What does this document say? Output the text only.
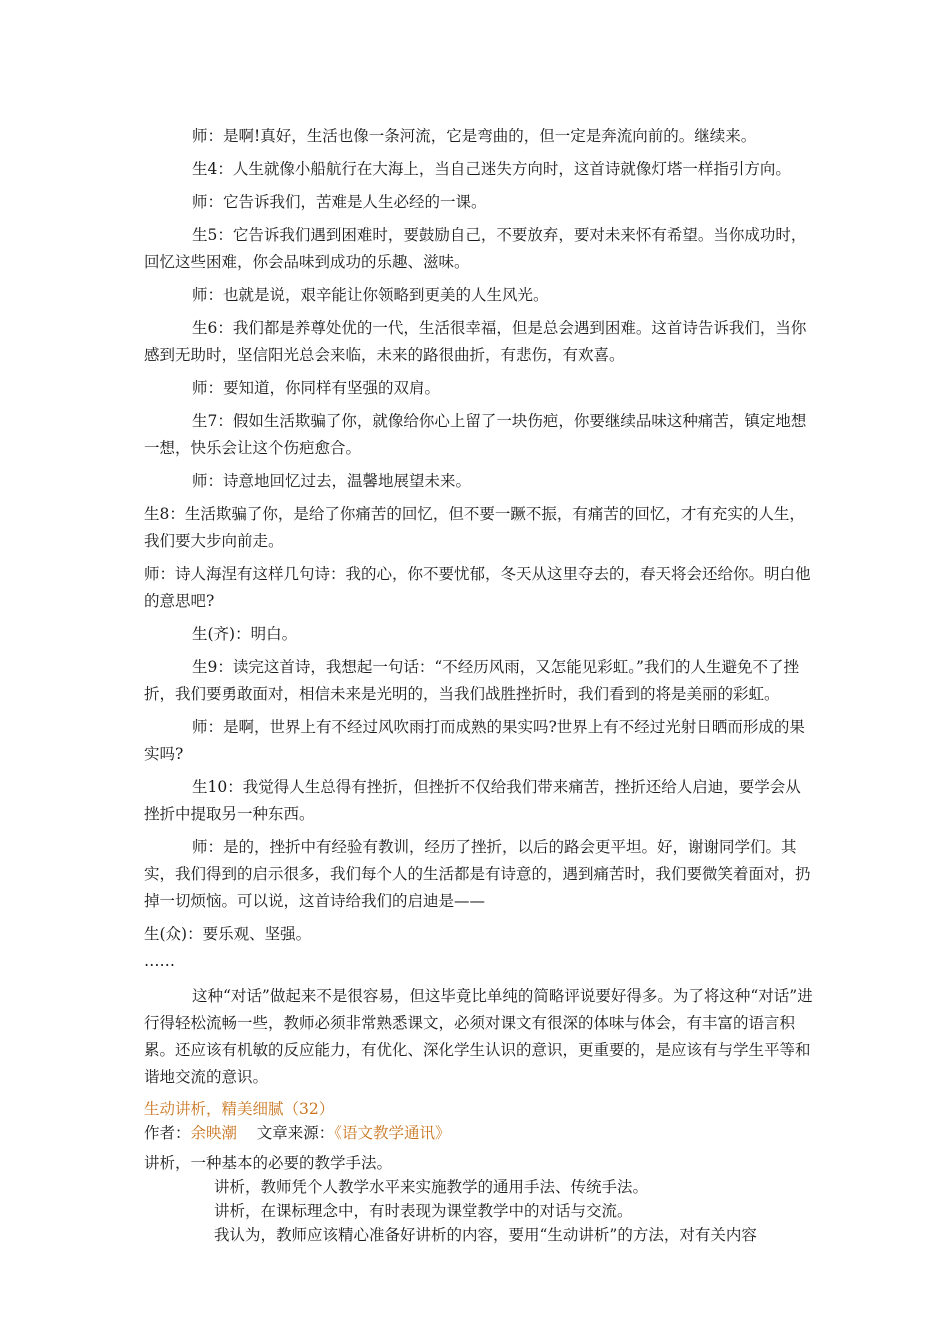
师：是啊!真好，生活也像一条河流，它是弯曲的，但一定是奔流向前的。继续来。

生4：人生就像小船航行在大海上，当自己迷失方向时，这首诗就像灯塔一样指引方向。

师：它告诉我们，苦难是人生必经的一课。

生5：它告诉我们遇到困难时，要鼓励自己，不要放弃，要对未来怀有希望。当你成功时，回忆这些困难，你会品味到成功的乐趣、滋味。

师：也就是说，艰辛能让你领略到更美的人生风光。

生6：我们都是养尊处优的一代，生活很幸福，但是总会遇到困难。这首诗告诉我们，当你感到无助时，坚信阳光总会来临，未来的路很曲折，有悲伤，有欢喜。

师：要知道，你同样有坚强的双肩。

生7：假如生活欺骗了你，就像给你心上留了一块伤疤，你要继续品味这种痛苦，镇定地想一想，快乐会让这个伤疤愈合。

师：诗意地回忆过去，温馨地展望未来。

生8：生活欺骗了你，是给了你痛苦的回忆，但不要一蹶不振，有痛苦的回忆，才有充实的人生，我们要大步向前走。

师：诗人海涅有这样几句诗：我的心，你不要忧郁，冬天从这里夺去的，春天将会还给你。明白他的意思吧?

生(齐)：明白。

生9：读完这首诗，我想起一句话：“不经历风雨，又怎能见彩虹。”我们的人生避免不了挫折，我们要勇敢面对，相信未来是光明的，当我们战胜挫折时，我们看到的将是美丽的彩虹。

师：是啊，世界上有不经过风吹雨打而成熟的果实吗?世界上有不经过光射日晒而形成的果实吗?

生10：我觉得人生总得有挫折，但挫折不仅给我们带来痛苦，挫折还给人启迪，要学会从挫折中提取另一种东西。

师：是的，挫折中有经验有教训，经历了挫折，以后的路会更平坦。好，谢谢同学们。其实，我们得到的启示很多，我们每个人的生活都是有诗意的，遇到痛苦时，我们要微笑着面对，扔掉一切烦恼。可以说，这首诗给我们的启迪是——

生(众)：要乐观、坚强。

……

这种“对话”做起来不是很容易，但这毕竟比单纯的简略评说要好得多。为了将这种“对话”进行得轻松流畅一些，教师必须非常熟悉课文，必须对课文有很深的体味与体会，有丰富的语言积累。还应该有机敏的反应能力，有优化、深化学生认识的意识，更重要的，是应该有与学生平等和谐地交流的意识。

生动讲析，精美细腻（32）

作者：余映潮 文章来源：《语文教学通讯》

讲析，一种基本的必要的教学手法。

讲析，教师凭个人教学水平来实施教学的通用手法、传统手法。

讲析，在课标理念中，有时表现为课堂教学中的对话与交流。

我认为，教师应该精心准备好讲析的内容，要用“生动讲析”的方法，对有关内容
